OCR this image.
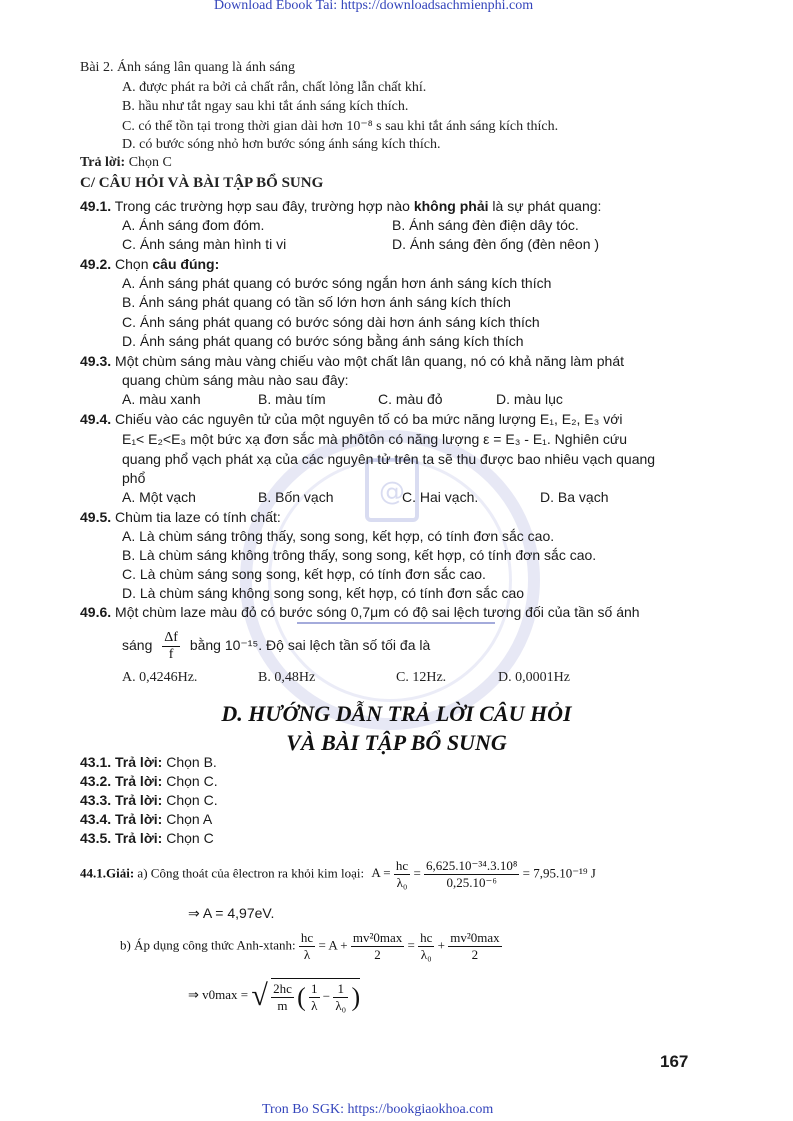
@
Download Ebook Tai: https://downloadsachmienphi.com
Bài 2. Ánh sáng lân quang là ánh sáng
A. được phát ra bởi cả chất rắn, chất lỏng lẫn chất khí.
B. hầu như tắt ngay sau khi tắt ánh sáng kích thích.
C. có thể tồn tại trong thời gian dài hơn 10⁻⁸ s sau khi tắt ánh sáng kích thích.
D. có bước sóng nhỏ hơn bước sóng ánh sáng kích thích.
Trả lời: Chọn C
C/ CÂU HỎI VÀ BÀI TẬP BỔ SUNG
49.1. Trong các trường hợp sau đây, trường hợp nào không phải là sự phát quang:
A. Ánh sáng đom đóm.	B. Ánh sáng đèn điện dây tóc.
C. Ánh sáng màn hình ti vi	D. Ánh sáng đèn ống (đèn nêon )
49.2. Chọn câu đúng:
A. Ánh sáng phát quang có bước sóng ngắn hơn ánh sáng kích thích
B. Ánh sáng phát quang có tần số lớn hơn ánh sáng kích thích
C. Ánh sáng phát quang có bước sóng dài hơn ánh sáng kích thích
D. Ánh sáng phát quang có bước sóng bằng ánh sáng kích thích
49.3. Một chùm sáng màu vàng chiếu vào một chất lân quang, nó có khả năng làm phát
quang chùm sáng màu nào sau đây:
A. màu xanh	B. màu tím	C. màu đỏ	D. màu lục
49.4. Chiếu vào các nguyên tử của một nguyên tố có ba mức năng lượng E₁, E₂, E₃ với
E₁< E₂<E₃ một bức xạ đơn sắc mà phôtôn có năng lượng ε = E₃ - E₁. Nghiên cứu
quang phổ vạch phát xạ của các nguyên tử trên ta sẽ thu được bao nhiêu vạch quang
phổ
A. Một vạch	B. Bốn vạch	C. Hai vạch.	D. Ba vạch
49.5. Chùm tia laze có tính chất:
A. Là chùm sáng trông thấy, song song, kết hợp, có tính đơn sắc cao.
B. Là chùm sáng không trông thấy, song song, kết hợp, có tính đơn sắc cao.
C. Là chùm sáng song song, kết hợp, có tính đơn sắc cao.
D. Là chùm sáng không song song, kết hợp, có tính đơn sắc cao
49.6. Một chùm laze màu đỏ có bước sóng 0,7μm có độ sai lệch tương đối của tần số ánh
sáng $\frac{\Delta f}{f}$ bằng 10⁻¹⁵. Độ sai lệch tần số tối đa là
A. 0,4246Hz.	B. 0,48Hz	C. 12Hz.	D. 0,0001Hz
D. HƯỚNG DẪN TRẢ LỜI CÂU HỎI
VÀ BÀI TẬP BỔ SUNG
43.1. Trả lời: Chọn B.
43.2. Trả lời: Chọn C.
43.3. Trả lời: Chọn C.
43.4. Trả lời: Chọn A
43.5. Trả lời: Chọn C
44.1.Giải: a) Công thoát của êlectron ra khỏi kim loại: $A = \frac{hc}{\text{λ₀}} = \frac{\text{6,625.10⁻³⁴.3.10⁸}}{\text{0,25.10⁻⁶}} = 7,95.10^{-19}$ J
⇒ A = 4,97eV.
b) Áp dụng công thức Anh-xtanh: $\frac{hc}{\lambda} = A + \frac{\text{mv²0max}}{2} = \frac{hc}{\text{λ₀}} + \frac{\text{mv²0max}}{2}$
⇒ v0max = √ $\frac{2hc}{m}$ ( $\frac{1}{\lambda} - \frac{1}{\text{λ₀}}$ )
167
Tron Bo SGK: https://bookgiaokhoa.com
